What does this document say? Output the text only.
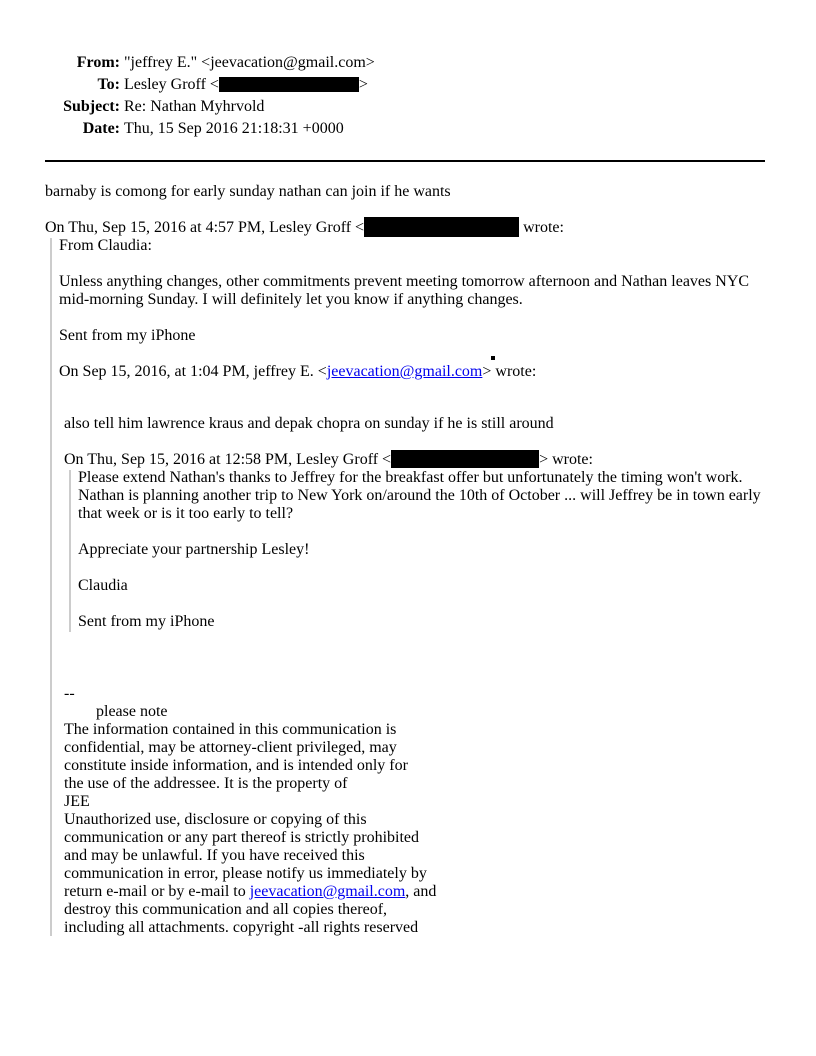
From: "jeffrey E." <jeevacation@gmail.com>
To: Lesley Groff <	>
Subject: Re: Nathan Myhrvold
Date: Thu, 15 Sep 2016 21:18:31 +0000
barnaby is comong for early sunday nathan can join if he wants
On Thu, Sep 15, 2016 at 4:57 PM, Lesley Groff <	wrote:
From Claudia:
Unless anything changes, other commitments prevent meeting tomorrow afternoon and Nathan leaves NYC
mid-morning Sunday. I will definitely let you know if anything changes.
Sent from my iPhone
On Sep 15, 2016, at 1:04 PM, jeffrey E. <jeevacation@gmail.com> wrote:
also tell him lawrence kraus and depak chopra on sunday if he is still around
On Thu, Sep 15, 2016 at 12:58 PM, Lesley Groff <	> wrote:
Please extend Nathan's thanks to Jeffrey for the breakfast offer but unfortunately the timing won't work.
Nathan is planning another trip to New York on/around the 10th of October ... will Jeffrey be in town early
that week or is it too early to tell?
Appreciate your partnership Lesley!
Claudia
Sent from my iPhone
--
please note
The information contained in this communication is
confidential, may be attorney-client privileged, may
constitute inside information, and is intended only for
the use of the addressee. It is the property of
JEE
Unauthorized use, disclosure or copying of this
communication or any part thereof is strictly prohibited
and may be unlawful. If you have received this
communication in error, please notify us immediately by
return e-mail or by e-mail to jeevacation@gmail.com, and
destroy this communication and all copies thereof,
including all attachments. copyright -all rights reserved
